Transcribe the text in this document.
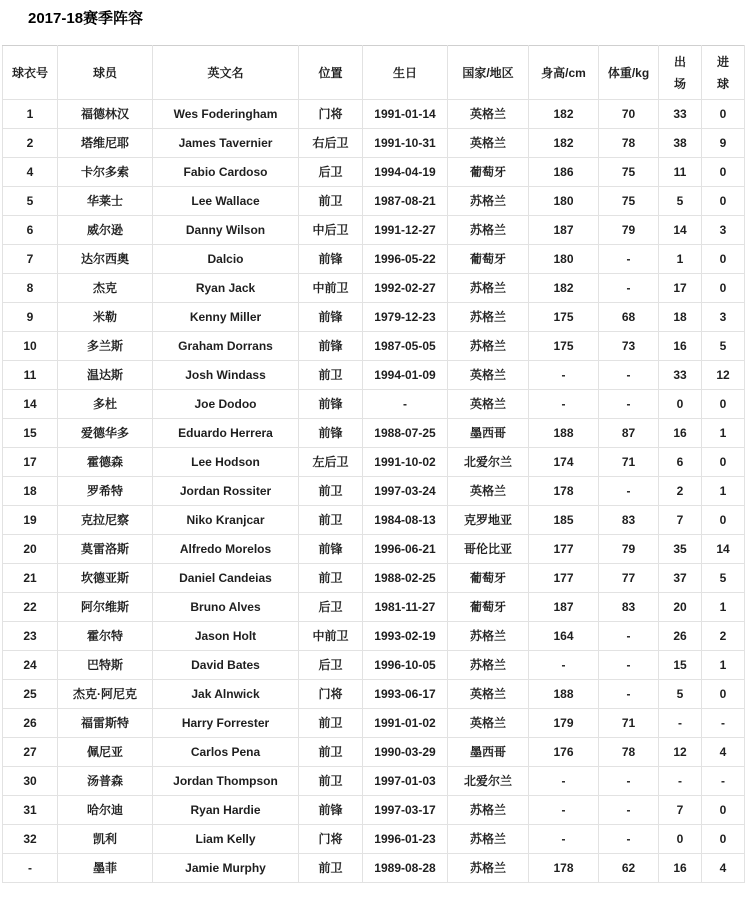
2017-18赛季阵容
球衣号	球员	英文名	位置	生日	国家/地区	身高/cm	体重/kg	出场	进球
1	福德林汉	Wes Foderingham	门将	1991-01-14	英格兰	182	70	33	0
2	塔维尼耶	James Tavernier	右后卫	1991-10-31	英格兰	182	78	38	9
4	卡尔多索	Fabio Cardoso	后卫	1994-04-19	葡萄牙	186	75	11	0
5	华莱士	Lee Wallace	前卫	1987-08-21	苏格兰	180	75	5	0
6	威尔逊	Danny Wilson	中后卫	1991-12-27	苏格兰	187	79	14	3
7	达尔西奥	Dalcio	前锋	1996-05-22	葡萄牙	180	-	1	0
8	杰克	Ryan Jack	中前卫	1992-02-27	苏格兰	182	-	17	0
9	米勒	Kenny Miller	前锋	1979-12-23	苏格兰	175	68	18	3
10	多兰斯	Graham Dorrans	前锋	1987-05-05	苏格兰	175	73	16	5
11	温达斯	Josh Windass	前卫	1994-01-09	英格兰	-	-	33	12
14	多杜	Joe Dodoo	前锋	-	英格兰	-	-	0	0
15	爱德华多	Eduardo Herrera	前锋	1988-07-25	墨西哥	188	87	16	1
17	霍德森	Lee Hodson	左后卫	1991-10-02	北爱尔兰	174	71	6	0
18	罗希特	Jordan Rossiter	前卫	1997-03-24	英格兰	178	-	2	1
19	克拉尼察	Niko Kranjcar	前卫	1984-08-13	克罗地亚	185	83	7	0
20	莫雷洛斯	Alfredo Morelos	前锋	1996-06-21	哥伦比亚	177	79	35	14
21	坎德亚斯	Daniel Candeias	前卫	1988-02-25	葡萄牙	177	77	37	5
22	阿尔维斯	Bruno Alves	后卫	1981-11-27	葡萄牙	187	83	20	1
23	霍尔特	Jason Holt	中前卫	1993-02-19	苏格兰	164	-	26	2
24	巴特斯	David Bates	后卫	1996-10-05	苏格兰	-	-	15	1
25	杰克·阿尼克	Jak Alnwick	门将	1993-06-17	英格兰	188	-	5	0
26	福雷斯特	Harry Forrester	前卫	1991-01-02	英格兰	179	71	-	-
27	佩尼亚	Carlos Pena	前卫	1990-03-29	墨西哥	176	78	12	4
30	汤普森	Jordan Thompson	前卫	1997-01-03	北爱尔兰	-	-	-	-
31	哈尔迪	Ryan Hardie	前锋	1997-03-17	苏格兰	-	-	7	0
32	凯利	Liam Kelly	门将	1996-01-23	苏格兰	-	-	0	0
-	墨菲	Jamie Murphy	前卫	1989-08-28	苏格兰	178	62	16	4
